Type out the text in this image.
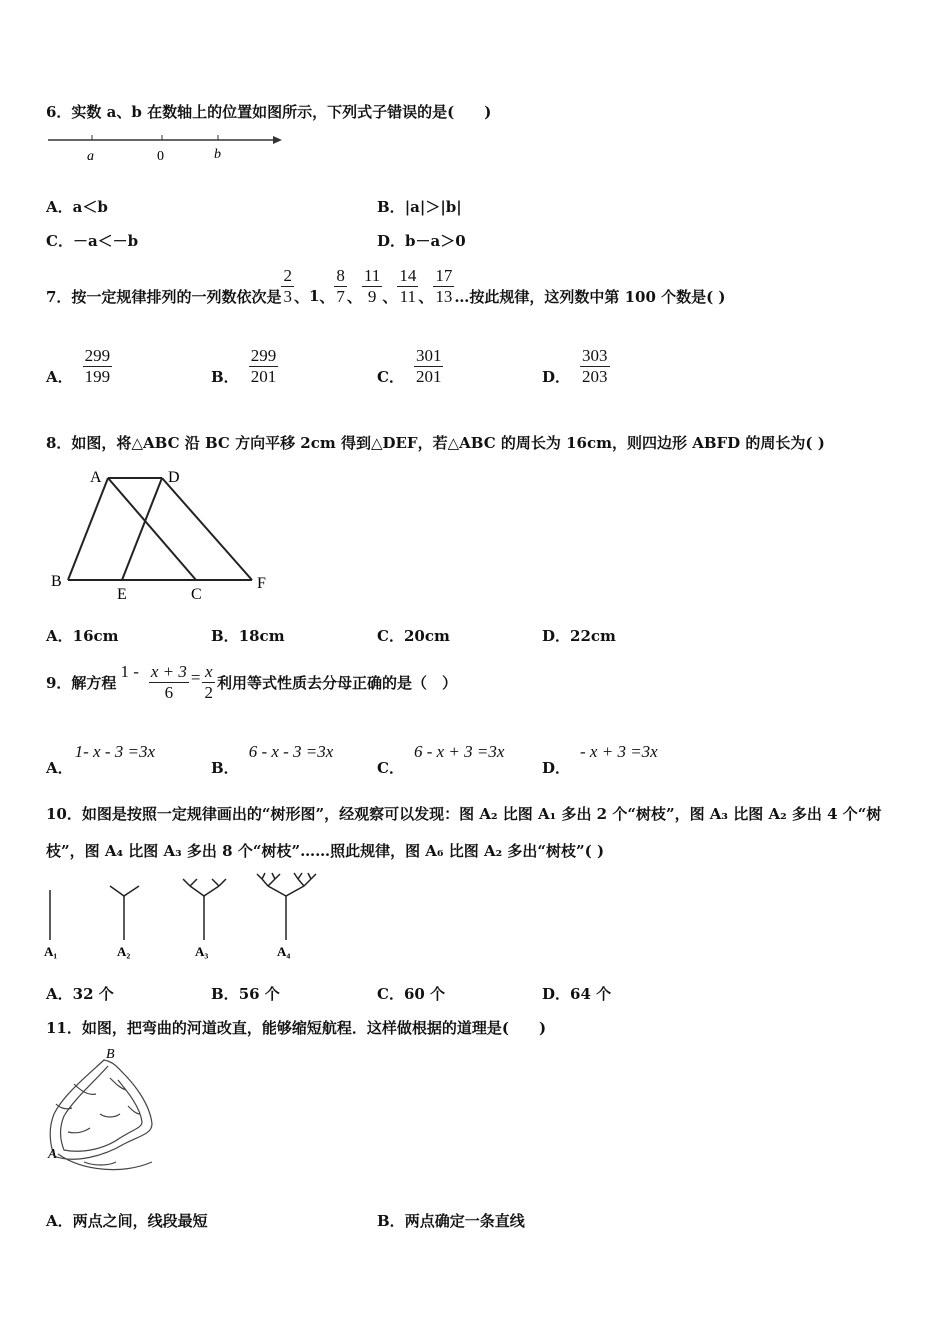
6．实数 a、b 在数轴上的位置如图所示，下列式子错误的是(　　)
a	0	b
A．a＜b	B．|a|＞|b|
C．－a＜－b	D．b－a＞0
7．按一定规律排列的一列数依次是 $\frac{2}{3}$ 、 1 、 $\frac{8}{7}$ 、 $\frac{11}{9}$ 、 $\frac{14}{11}$ 、 $\frac{17}{13}$ …按此规律，这列数中第 100 个数是( )
A． $\frac{299}{199}$	B． $\frac{299}{201}$	C． $\frac{301}{201}$	D． $\frac{303}{203}$
8．如图，将△ABC 沿 BC 方向平移 2cm 得到△DEF，若△ABC 的周长为 16cm，则四边形 ABFD 的周长为( )
A	D
B
E	C
F
A．16cm	B．18cm	C．20cm	D．22cm
9．解方程
$1 - \frac{x + 3}{6} = \frac{x}{2}$ 利用等式性质去分母正确的是（　）
A．1- x - 3 =3x
B．6 - x - 3 =3x
C．6 - x + 3 =3x
D．- x + 3 =3x
10．如图是按照一定规律画出的“树形图”，经观察可以发现：图 A₂ 比图 A₁ 多出 2 个“树枝”，图 A₃ 比图 A₂ 多出 4 个“树
枝”，图 A₄ 比图 A₃ 多出 8 个“树枝”……照此规律，图 A₆ 比图 A₂ 多出“树枝”( )
A₁	A₂	A₃	A₄
A．32 个	B．56 个	C．60 个	D．64 个
11．如图，把弯曲的河道改直，能够缩短航程．这样做根据的道理是(　　)
B
A
A．两点之间，线段最短	B．两点确定一条直线
